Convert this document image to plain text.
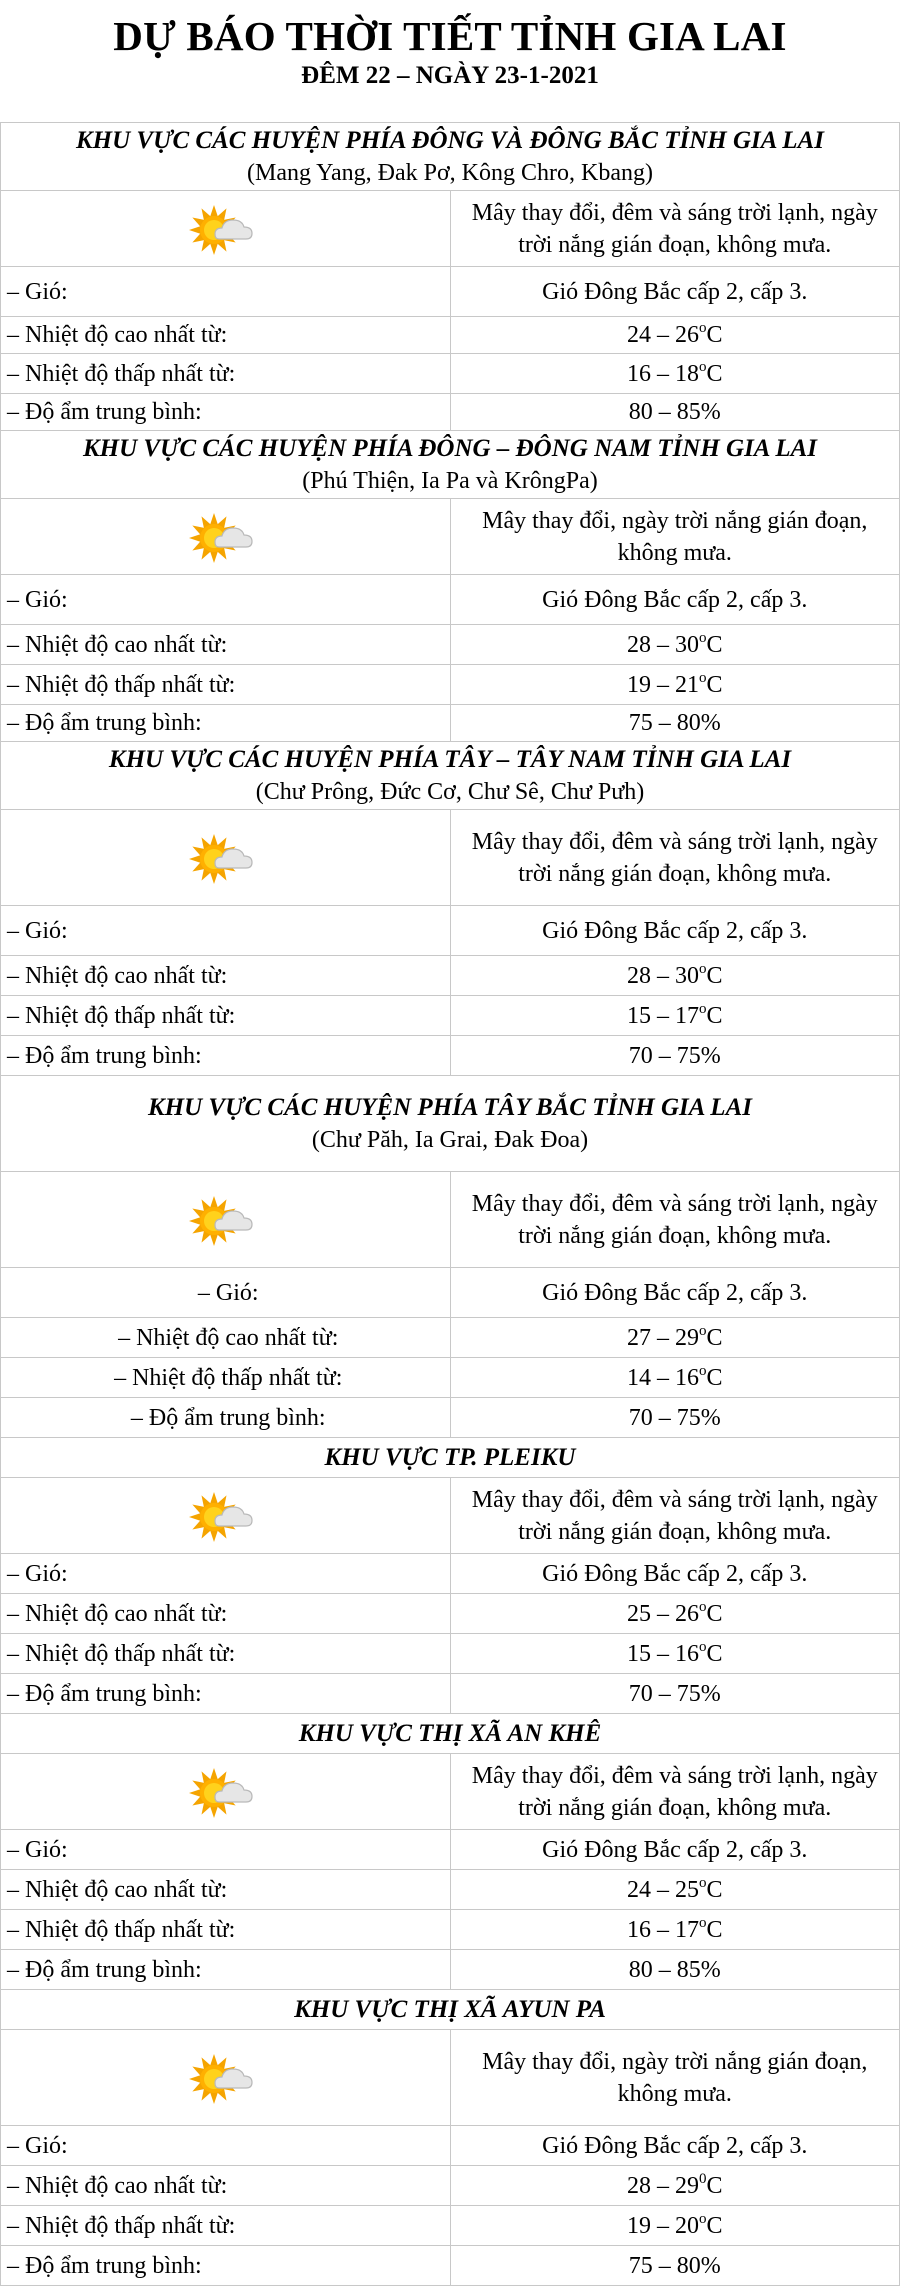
DỰ BÁO THỜI TIẾT TỈNH GIA LAI
ĐÊM 22 – NGÀY 23-1-2021
KHU VỰC CÁC HUYỆN PHÍA ĐÔNG VÀ ĐÔNG BẮC TỈNH GIA LAI
(Mang Yang, Đak Pơ, Kông Chro, Kbang)	

	Mây thay đổi, đêm và sáng trời lạnh, ngày trời nắng gián đoạn, không mưa.
– Gió:	Gió Đông Bắc cấp 2, cấp 3.
– Nhiệt độ cao nhất từ:	24 – 26$^o$C
– Nhiệt độ thấp nhất từ:	16 – 18$^o$C
– Độ ẩm trung bình:	80 – 85%

KHU VỰC CÁC HUYỆN PHÍA ĐÔNG – ĐÔNG NAM TỈNH GIA LAI
(Phú Thiện, Ia Pa và KrôngPa)	

	Mây thay đổi, ngày trời nắng gián đoạn, không mưa.
– Gió:	Gió Đông Bắc cấp 2, cấp 3.
– Nhiệt độ cao nhất từ:	28 – 30$^o$C
– Nhiệt độ thấp nhất từ:	19 – 21$^o$C
– Độ ẩm trung bình:	75 – 80%

KHU VỰC CÁC HUYỆN PHÍA TÂY – TÂY NAM TỈNH GIA LAI
(Chư Prông, Đức Cơ, Chư Sê, Chư Pưh)	

	Mây thay đổi, đêm và sáng trời lạnh, ngày trời nắng gián đoạn, không mưa.
– Gió:	Gió Đông Bắc cấp 2, cấp 3.
– Nhiệt độ cao nhất từ:	28 – 30$^o$C
– Nhiệt độ thấp nhất từ:	15 – 17$^o$C
– Độ ẩm trung bình:	70 – 75%

KHU VỰC CÁC HUYỆN PHÍA TÂY BẮC TỈNH GIA LAI
(Chư Păh, Ia Grai, Đak Đoa)	

	Mây thay đổi, đêm và sáng trời lạnh, ngày trời nắng gián đoạn, không mưa.
– Gió:	Gió Đông Bắc cấp 2, cấp 3.
– Nhiệt độ cao nhất từ:	27 – 29$^o$C
– Nhiệt độ thấp nhất từ:	14 – 16$^o$C
– Độ ẩm trung bình:	70 – 75%

KHU VỰC TP. PLEIKU	

	Mây thay đổi, đêm và sáng trời lạnh, ngày trời nắng gián đoạn, không mưa.
– Gió:	Gió Đông Bắc cấp 2, cấp 3.
– Nhiệt độ cao nhất từ:	25 – 26$^o$C
– Nhiệt độ thấp nhất từ:	15 – 16$^o$C
– Độ ẩm trung bình:	70 – 75%

KHU VỰC THỊ XÃ AN KHÊ	

	Mây thay đổi, đêm và sáng trời lạnh, ngày trời nắng gián đoạn, không mưa.
– Gió:	Gió Đông Bắc cấp 2, cấp 3.
– Nhiệt độ cao nhất từ:	24 – 25$^o$C
– Nhiệt độ thấp nhất từ:	16 – 17$^o$C
– Độ ẩm trung bình:	80 – 85%

KHU VỰC THỊ XÃ AYUN PA	

	Mây thay đổi, ngày trời nắng gián đoạn, không mưa.
– Gió:	Gió Đông Bắc cấp 2, cấp 3.
– Nhiệt độ cao nhất từ:	$28 - 29^0C$
– Nhiệt độ thấp nhất từ:	19 – 20$^o$C
– Độ ẩm trung bình:	75 – 80%
